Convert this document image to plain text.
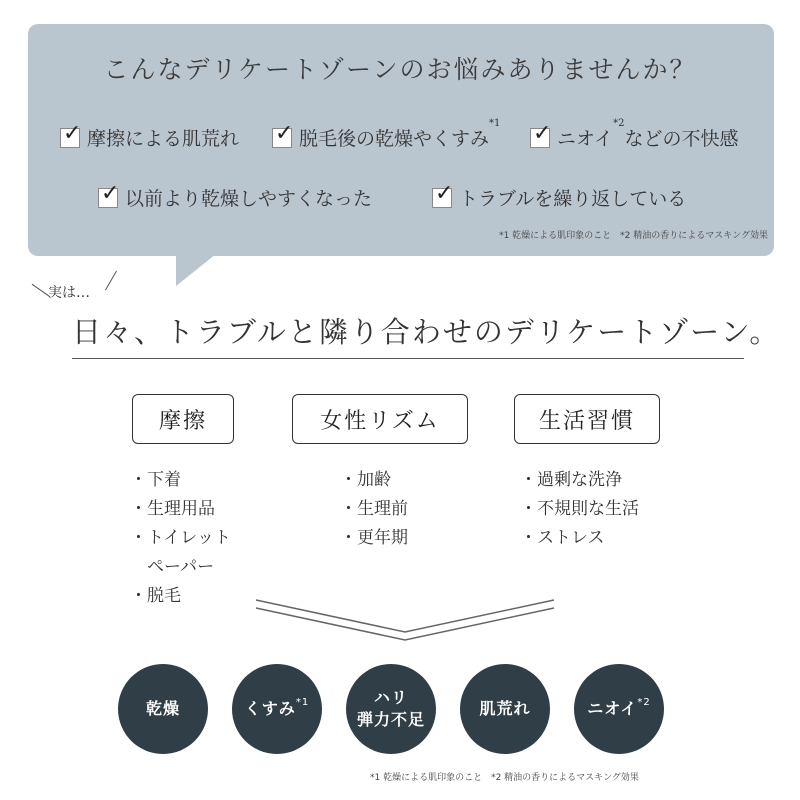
こんなデリケートゾーンのお悩みありませんか？
✓ 摩擦による肌荒れ ✓ 脱毛後の乾燥やくすみ$^{*1}$ ✓ ニオイ$^{*2}$などの不快感
✓ 以前より乾燥しやすくなった	✓ トラブルを繰り返している
*1 乾燥による肌印象のこと　*2 精油の香りによるマスキング効果
実は…
日々、トラブルと隣り合わせのデリケートゾーン。
摩擦	女性リズム	生活習慣
・下着
・生理用品
・トイレット
　ペーパー
・脱毛
・加齢
・生理前
・更年期
・過剰な洗浄
・不規則な生活
・ストレス
乾燥	くすみ$^{*1}$	ハリ
弾力不足
肌荒れ	ニオイ$^{*2}$
*1 乾燥による肌印象のこと　*2 精油の香りによるマスキング効果
